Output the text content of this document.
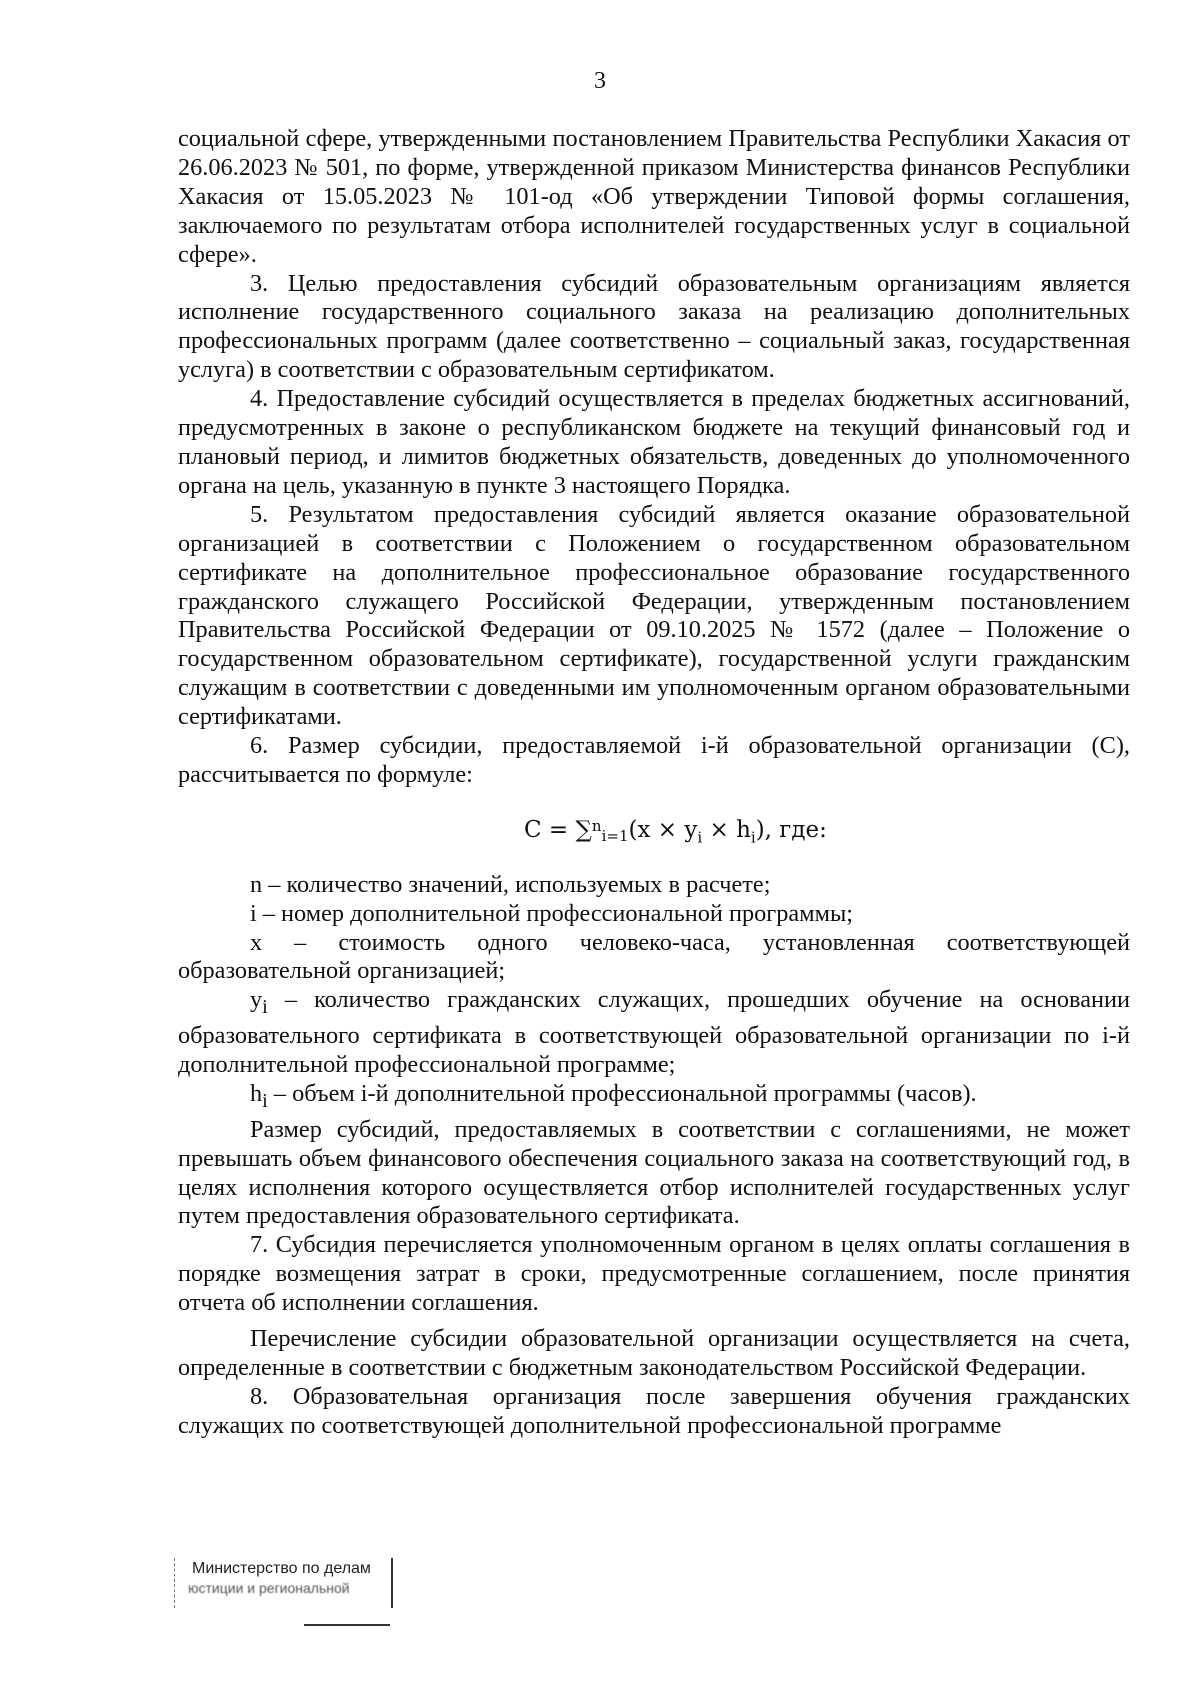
3

социальной сфере, утвержденными постановлением Правительства Республики Хакасия от 26.06.2023 № 501, по форме, утвержденной приказом Министерства финансов Республики Хакасия от 15.05.2023 № 101-од «Об утверждении Типовой формы соглашения, заключаемого по результатам отбора исполнителей государственных услуг в социальной сфере».

3. Целью предоставления субсидий образовательным организациям является исполнение государственного социального заказа на реализацию дополнительных профессиональных программ (далее соответственно – социальный заказ, государственная услуга) в соответствии с образовательным сертификатом.

4. Предоставление субсидий осуществляется в пределах бюджетных ассигнований, предусмотренных в законе о республиканском бюджете на текущий финансовый год и плановый период, и лимитов бюджетных обязательств, доведенных до уполномоченного органа на цель, указанную в пункте 3 настоящего Порядка.

5. Результатом предоставления субсидий является оказание образовательной организацией в соответствии с Положением о государственном образовательном сертификате на дополнительное профессиональное образование государственного гражданского служащего Российской Федерации, утвержденным постановлением Правительства Российской Федерации от 09.10.2025 № 1572 (далее – Положение о государственном образовательном сертификате), государственной услуги гражданским служащим в соответствии с доведенными им уполномоченным органом образовательными сертификатами.

6. Размер субсидии, предоставляемой i-й образовательной организации (C), рассчитывается по формуле:

$C = \sum^n_{i=1}(x \times y_i \times h_i)$, где:

n – количество значений, используемых в расчете;

i – номер дополнительной профессиональной программы;

x – стоимость одного человеко-часа, установленная соответствующей образовательной организацией;

$y_i$ – количество гражданских служащих, прошедших обучение на основании образовательного сертификата в соответствующей образовательной организации по i-й дополнительной профессиональной программе;

$h_i$ – объем i-й дополнительной профессиональной программы (часов).

Размер субсидий, предоставляемых в соответствии с соглашениями, не может превышать объем финансового обеспечения социального заказа на соответствующий год, в целях исполнения которого осуществляется отбор исполнителей государственных услуг путем предоставления образовательного сертификата.

7. Субсидия перечисляется уполномоченным органом в целях оплаты соглашения в порядке возмещения затрат в сроки, предусмотренные соглашением, после принятия отчета об исполнении соглашения.

Перечисление субсидии образовательной организации осуществляется на счета, определенные в соответствии с бюджетным законодательством Российской Федерации.

8. Образовательная организация после завершения обучения гражданских служащих по соответствующей дополнительной профессиональной программе

Министерство по делам
юстиции и региональной
